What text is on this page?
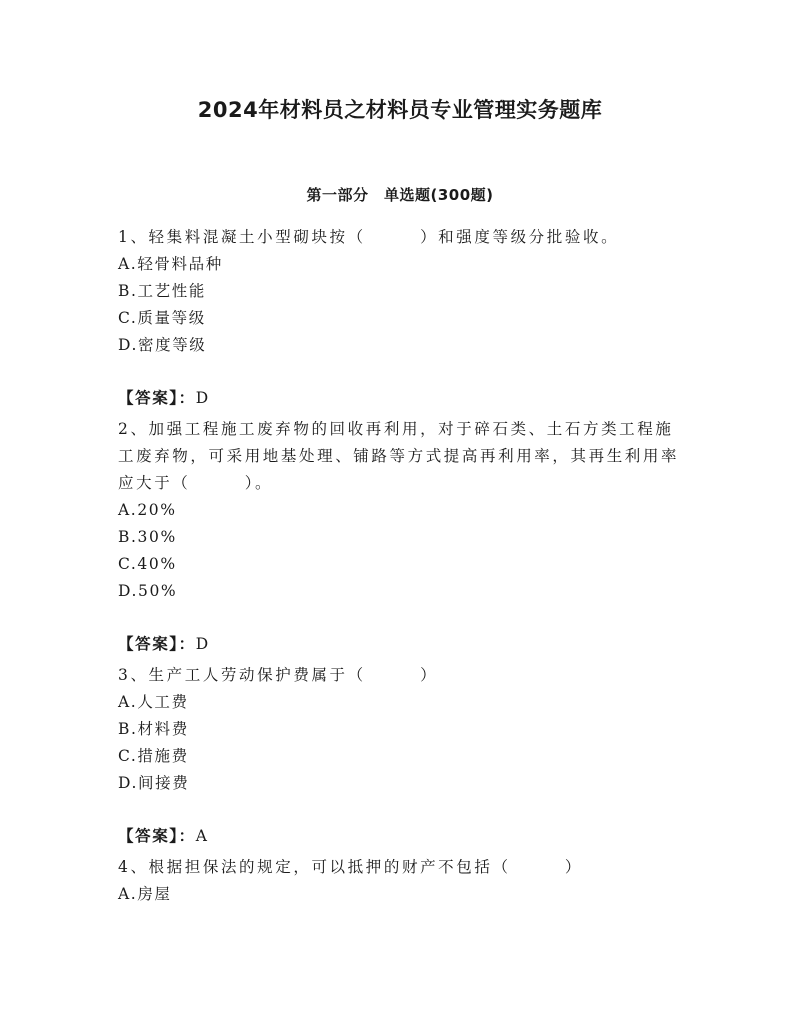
2024年材料员之材料员专业管理实务题库
第一部分　单选题(300题)

1、轻集料混凝土小型砌块按（　　　）和强度等级分批验收。

A.轻骨料品种

B.工艺性能

C.质量等级

D.密度等级

【答案】：D

2、加强工程施工废弃物的回收再利用，对于碎石类、土石方类工程施工废弃物，可采用地基处理、铺路等方式提高再利用率，其再生利用率应大于（　　　）。

A.20%

B.30%

C.40%

D.50%

【答案】：D

3、生产工人劳动保护费属于（　　　）

A.人工费

B.材料费

C.措施费

D.间接费

【答案】：A

4、根据担保法的规定，可以抵押的财产不包括（　　　）

A.房屋
